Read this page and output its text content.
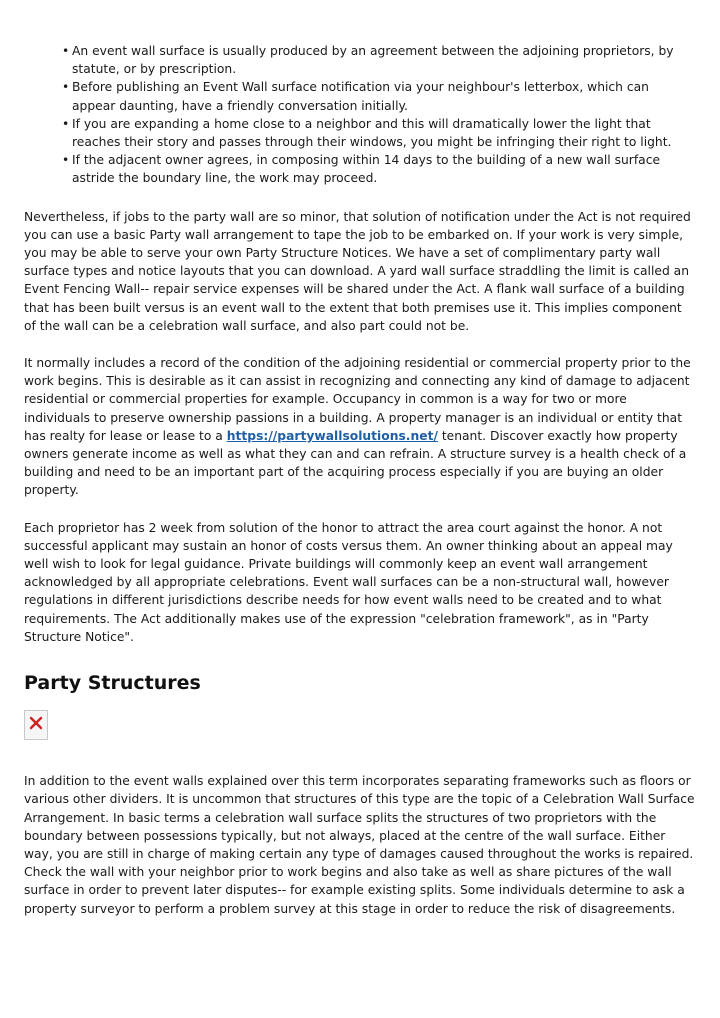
• An event wall surface is usually produced by an agreement between the adjoining proprietors, by statute, or by prescription.
• Before publishing an Event Wall surface notification via your neighbour's letterbox, which can appear daunting, have a friendly conversation initially.
• If you are expanding a home close to a neighbor and this will dramatically lower the light that reaches their story and passes through their windows, you might be infringing their right to light.
• If the adjacent owner agrees, in composing within 14 days to the building of a new wall surface astride the boundary line, the work may proceed.

Nevertheless, if jobs to the party wall are so minor, that solution of notification under the Act is not required you can use a basic Party wall arrangement to tape the job to be embarked on. If your work is very simple, you may be able to serve your own Party Structure Notices. We have a set of complimentary party wall surface types and notice layouts that you can download. A yard wall surface straddling the limit is called an Event Fencing Wall-- repair service expenses will be shared under the Act. A flank wall surface of a building that has been built versus is an event wall to the extent that both premises use it. This implies component of the wall can be a celebration wall surface, and also part could not be.

It normally includes a record of the condition of the adjoining residential or commercial property prior to the work begins. This is desirable as it can assist in recognizing and connecting any kind of damage to adjacent residential or commercial properties for example. Occupancy in common is a way for two or more individuals to preserve ownership passions in a building. A property manager is an individual or entity that has realty for lease or lease to a https://partywallsolutions.net/ tenant. Discover exactly how property owners generate income as well as what they can and can refrain. A structure survey is a health check of a building and need to be an important part of the acquiring process especially if you are buying an older property.

Each proprietor has 2 week from solution of the honor to attract the area court against the honor. A not successful applicant may sustain an honor of costs versus them. An owner thinking about an appeal may well wish to look for legal guidance. Private buildings will commonly keep an event wall arrangement acknowledged by all appropriate celebrations. Event wall surfaces can be a non-structural wall, however regulations in different jurisdictions describe needs for how event walls need to be created and to what requirements. The Act additionally makes use of the expression "celebration framework", as in "Party Structure Notice".

Party Structures

In addition to the event walls explained over this term incorporates separating frameworks such as floors or various other dividers. It is uncommon that structures of this type are the topic of a Celebration Wall Surface Arrangement. In basic terms a celebration wall surface splits the structures of two proprietors with the boundary between possessions typically, but not always, placed at the centre of the wall surface. Either way, you are still in charge of making certain any type of damages caused throughout the works is repaired. Check the wall with your neighbor prior to work begins and also take as well as share pictures of the wall surface in order to prevent later disputes-- for example existing splits. Some individuals determine to ask a property surveyor to perform a problem survey at this stage in order to reduce the risk of disagreements.
